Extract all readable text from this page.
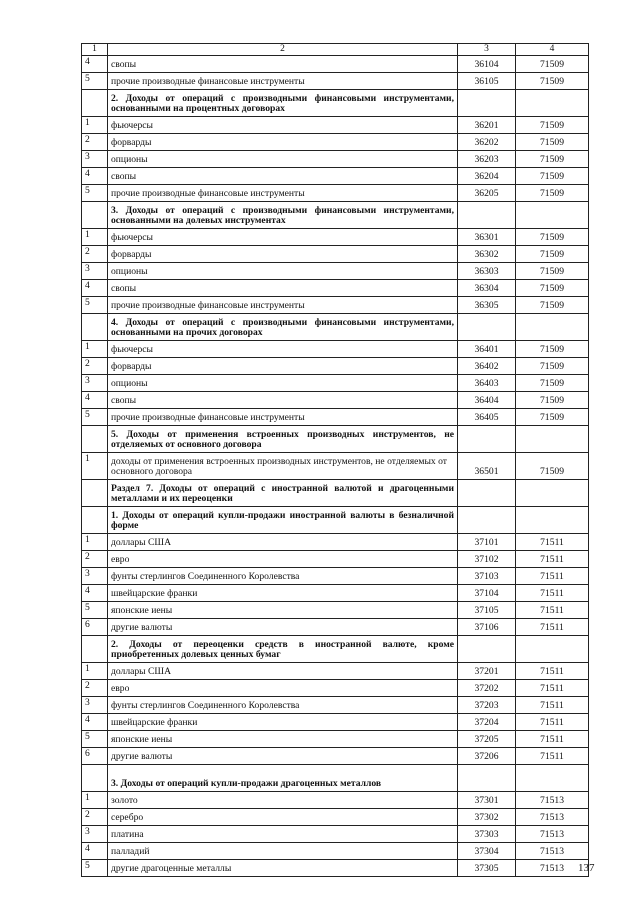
1	2	3	4
4	свопы	36104	71509
5	прочие производные финансовые инструменты	36105	71509
	2. Доходы от операций с производными финансовыми инструментами, основанными на процентных договорах		
1	фьючерсы	36201	71509
2	форварды	36202	71509
3	опционы	36203	71509
4	свопы	36204	71509
5	прочие производные финансовые инструменты	36205	71509
	3. Доходы от операций с производными финансовыми инструментами, основанными на долевых инструментах		
1	фьючерсы	36301	71509
2	форварды	36302	71509
3	опционы	36303	71509
4	свопы	36304	71509
5	прочие производные финансовые инструменты	36305	71509
	4. Доходы от операций с производными финансовыми инструментами, основанными на прочих договорах		
1	фьючерсы	36401	71509
2	форварды	36402	71509
3	опционы	36403	71509
4	свопы	36404	71509
5	прочие производные финансовые инструменты	36405	71509
	5. Доходы от применения встроенных производных инструментов, не отделяемых от основного договора		
1	доходы от применения встроенных производных инструментов, не отделяемых от основного договора	36501	71509
	Раздел 7. Доходы от операций с иностранной валютой и драгоценными металлами и их переоценки		
	1. Доходы от операций купли-продажи иностранной валюты в безналичной форме		
1	доллары США	37101	71511
2	евро	37102	71511
3	фунты стерлингов Соединенного Королевства	37103	71511
4	швейцарские франки	37104	71511
5	японские иены	37105	71511
6	другие валюты	37106	71511
	2. Доходы от переоценки средств в иностранной валюте, кроме приобретенных долевых ценных бумаг		
1	доллары США	37201	71511
2	евро	37202	71511
3	фунты стерлингов Соединенного Королевства	37203	71511
4	швейцарские франки	37204	71511
5	японские иены	37205	71511
6	другие валюты	37206	71511
	3. Доходы от операций купли-продажи драгоценных металлов		
1	золото	37301	71513
2	серебро	37302	71513
3	платина	37303	71513
4	палладий	37304	71513
5	другие драгоценные металлы	37305	71513 137
